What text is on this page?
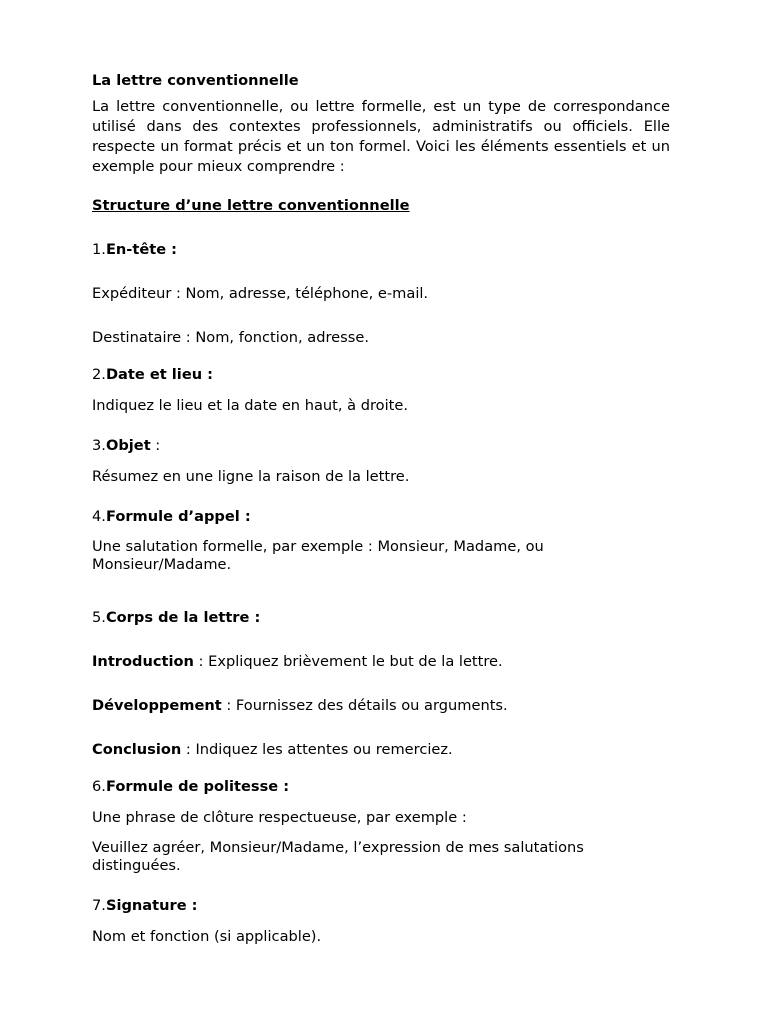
La lettre conventionnelle

La lettre conventionnelle, ou lettre formelle, est un type de correspondance utilisé dans des contextes professionnels, administratifs ou officiels. Elle respecte un format précis et un ton formel. Voici les éléments essentiels et un exemple pour mieux comprendre :

Structure d’une lettre conventionnelle

1.En-tête :

Expéditeur : Nom, adresse, téléphone, e-mail.

Destinataire : Nom, fonction, adresse.

2.Date et lieu :

Indiquez le lieu et la date en haut, à droite.

3.Objet :

Résumez en une ligne la raison de la lettre.

4.Formule d’appel :

Une salutation formelle, par exemple : Monsieur, Madame, ou Monsieur/Madame.

5.Corps de la lettre :

Introduction : Expliquez brièvement le but de la lettre.

Développement : Fournissez des détails ou arguments.

Conclusion : Indiquez les attentes ou remerciez.

6.Formule de politesse :

Une phrase de clôture respectueuse, par exemple :

Veuillez agréer, Monsieur/Madame, l’expression de mes salutations distinguées.

7.Signature :

Nom et fonction (si applicable).
